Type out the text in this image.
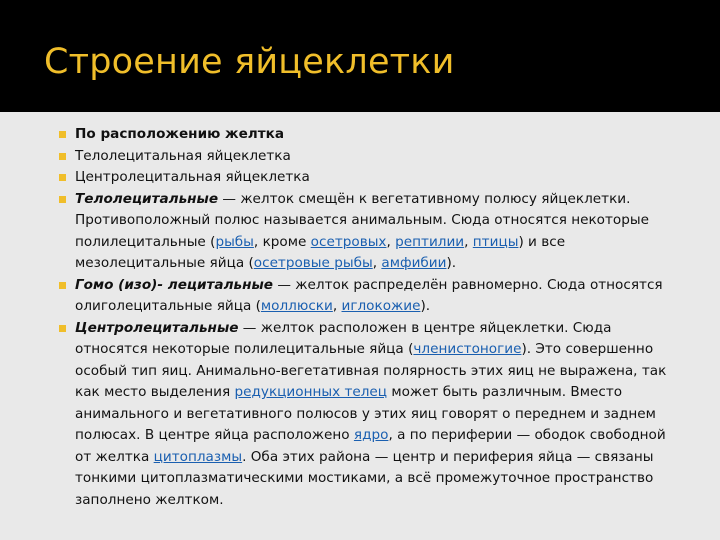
Строение яйцеклетки
По расположению желтка
Телолецитальная яйцеклетка
Центролецитальная яйцеклетка
Телолецитальные — желток смещён к вегетативному полюсу яйцеклетки. Противоположный полюс называется анимальным. Сюда относятся некоторые полилецитальные (рыбы, кроме осетровых, рептилии, птицы) и все мезолецитальные яйца (осетровые рыбы, амфибии).
Гомо (изо)- лецитальные — желток распределён равномерно. Сюда относятся олиголецитальные яйца (моллюски, иглокожие).
Центролецитальные — желток расположен в центре яйцеклетки. Сюда относятся некоторые полилецитальные яйца (членистоногие). Это совершенно особый тип яиц. Анимально-вегетативная полярность этих яиц не выражена, так как место выделения редукционных телец может быть различным. Вместо анимального и вегетативного полюсов у этих яиц говорят о переднем и заднем полюсах. В центре яйца расположено ядро, а по периферии — ободок свободной от желтка цитоплазмы. Оба этих района — центр и периферия яйца — связаны тонкими цитоплазматическими мостиками, а всё промежуточное пространство заполнено желтком.
